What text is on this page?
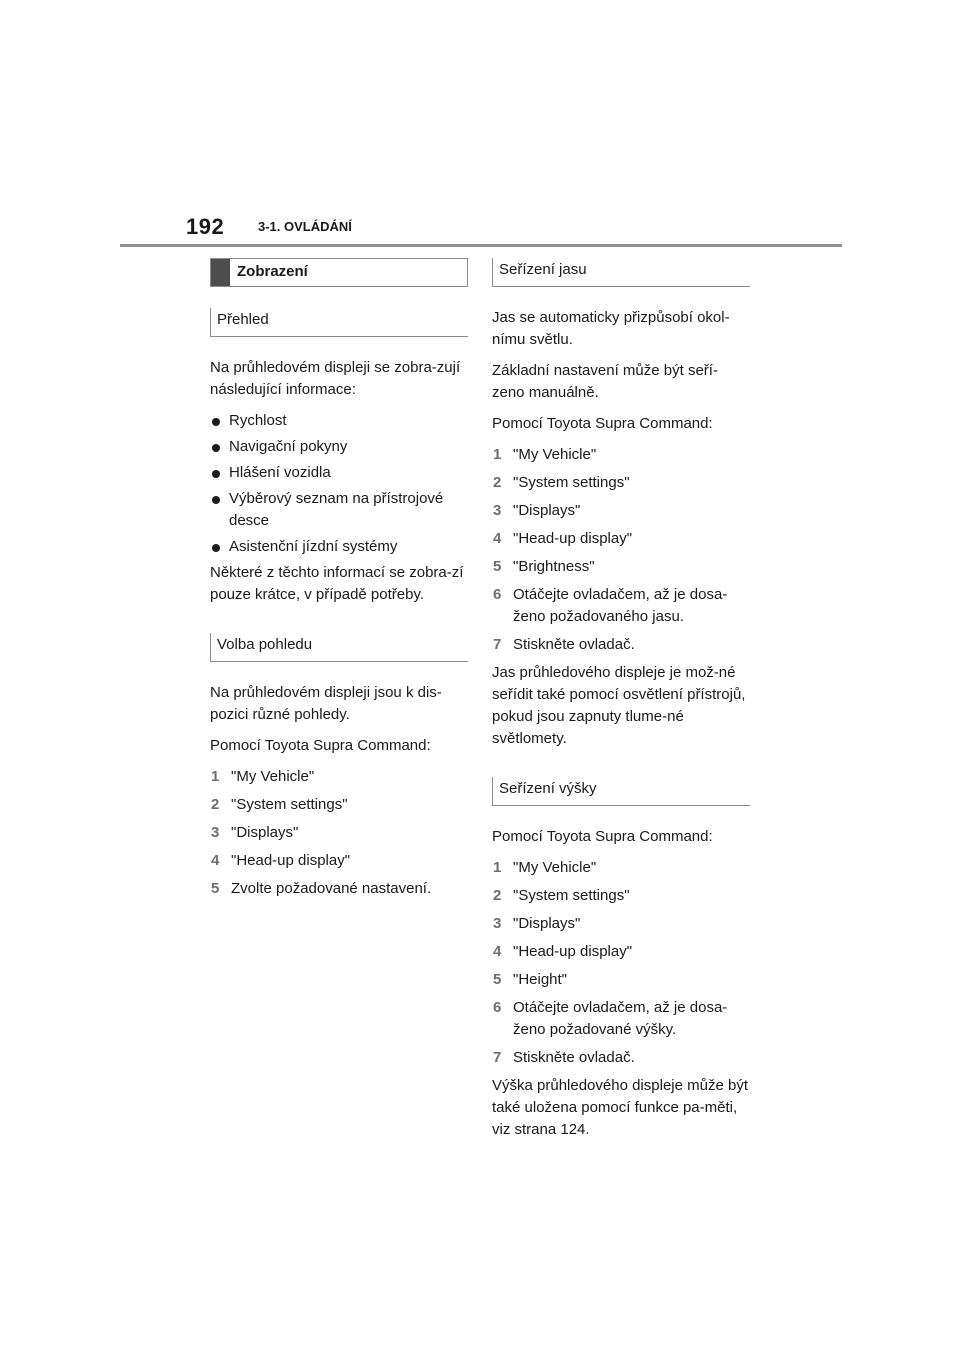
192	3-1. OVLÁDÁNÍ
Zobrazení
Přehled

Na průhledovém displeji se zobra-zují následující informace:

Rychlost
Navigační pokyny
Hlášení vozidla
Výběrový seznam na přístrojové desce
Asistenční jízdní systémy

Některé z těchto informací se zobra-zí pouze krátce, v případě potřeby.

Volba pohledu

Na průhledovém displeji jsou k dis-pozici různé pohledy.

Pomocí Toyota Supra Command:

1 "My Vehicle"
2 "System settings"
3 "Displays"
4 "Head-up display"
5 Zvolte požadované nastavení.
Seřízení jasu

Jas se automaticky přizpůsobí okol-nímu světlu.

Základní nastavení může být seří-zeno manuálně.

Pomocí Toyota Supra Command:

1 "My Vehicle"
2 "System settings"
3 "Displays"
4 "Head-up display"
5 "Brightness"
6 Otáčejte ovladačem, až je dosa-ženo požadovaného jasu.
7 Stiskněte ovladač.

Jas průhledového displeje je mož-né seřídit také pomocí osvětlení přístrojů, pokud jsou zapnuty tlume-né světlomety.

Seřízení výšky

Pomocí Toyota Supra Command:

1 "My Vehicle"
2 "System settings"
3 "Displays"
4 "Head-up display"
5 "Height"
6 Otáčejte ovladačem, až je dosa-ženo požadované výšky.
7 Stiskněte ovladač.

Výška průhledového displeje může být také uložena pomocí funkce pa-měti, viz strana 124.
